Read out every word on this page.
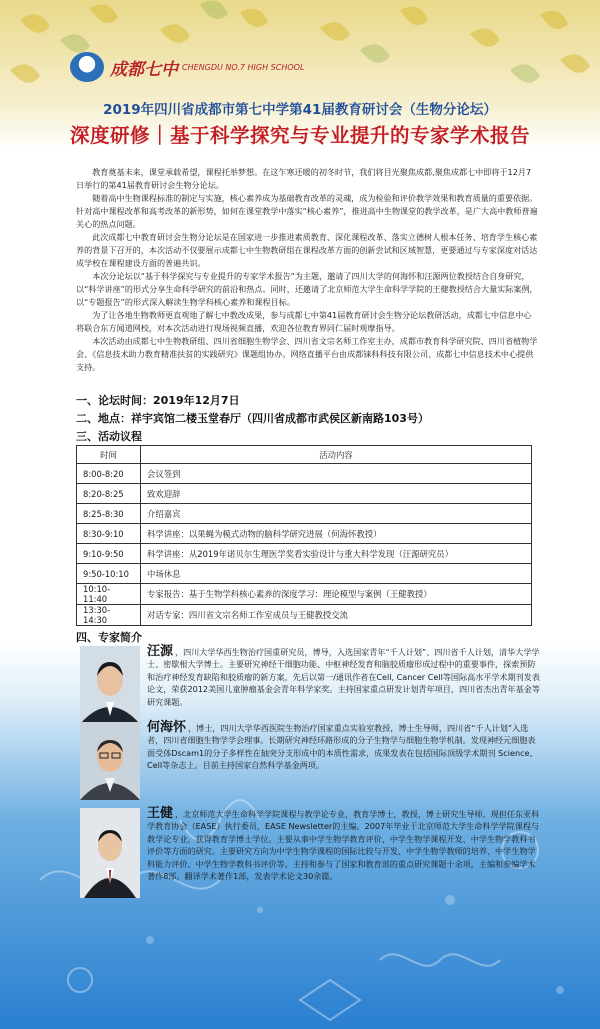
成都七中 CHENGDU NO.7 HIGH SCHOOL
2019年四川省成都市第七中学第41届教育研讨会（生物分论坛）
深度研修｜基于科学探究与专业提升的专家学术报告

教育奠基未来，课堂承载希望，课程托举梦想。在这乍寒还暖的初冬时节，我们将目光聚焦成都,聚焦成都七中即将于12月7日举行的第41届教育研讨会生物分论坛。

随着高中生物课程标准的制定与实施，核心素养成为基础教育改革的灵魂，成为检验和评价教学效果和教育质量的重要依据。针对高中课程改革和高考改革的新形势，如何在课堂教学中落实“核心素养”，推进高中生物课堂的教学改革，是广大高中教师普遍关心的热点问题。

此次成都七中教育研讨会生物分论坛是在国家进一步推进素质教育、深化课程改革、落实立德树人根本任务、培育学生核心素养的背景下召开的，本次活动不仅要展示成都七中生物教研组在课程改革方面的创新尝试和区域智慧，更要通过与专家深度对话达成学校在课程建设方面的普遍共识。

本次分论坛以“基于科学探究与专业提升的专家学术报告”为主题，邀请了四川大学的何海怀和汪源两位教授结合自身研究，以“科学讲座”的形式分享生命科学研究的前沿和热点。同时，还邀请了北京师范大学生命科学学院的王健教授结合大量实际案例，以“专题报告”的形式深入解读生物学科核心素养和课程目标。

为了让各地生物教师更直观地了解七中教改成果，参与成都七中第41届教育研讨会生物分论坛教研活动，成都七中信息中心将联合东方闻道网校，对本次活动进行现场视频直播，欢迎各位教育界同仁届时观摩指导。

本次活动由成都七中生物教研组、四川省细胞生物学会、四川省文宗名师工作室主办，成都市教育科学研究院、四川省植物学会、《信息技术助力教育精准扶贫的实践研究》课题组协办。网络直播平台由成都铼科科技有限公司、成都七中信息技术中心提供支持。

一、论坛时间：2019年12月7日
二、地点：祥宇宾馆二楼玉堂春厅（四川省成都市武侯区新南路103号）
三、活动议程
时间	活动内容
8:00-8:20	会议签到
8:20-8:25	致欢迎辞
8:25-8:30	介绍嘉宾
8:30-9:10	科学讲座：以果蝇为模式动物的脑科学研究进展（何海怀教授）
9:10-9:50	科学讲座：从2019年诺贝尔生理医学奖看实验设计与重大科学发现（汪源研究员）
9:50-10:10	中场休息
10:10-11:40	专家报告：基于生物学科核心素养的深度学习：理论模型与案例（王健教授）
13:30-14:30	对话专家：四川省文宗名师工作室成员与王健教授交流
四、专家简介
汪源 ，四川大学华西生物治疗国重研究员，博导，入选国家青年“千人计划”、四川省千人计划，清华大学学士、密歇根大学博士。主要研究神经干细胞功能、中枢神经发育和脑胶质瘤形成过程中的重要事件，探索预防和治疗神经发育缺陷和胶质瘤的新方案，先后以第一/通讯作者在Cell, Cancer Cell等国际高水平学术期刊发表论文，荣获2012美国儿童肿瘤基金会青年科学家奖。主持国家重点研发计划青年项目，四川省杰出青年基金等研究课题。
何海怀 ，博士，四川大学华西医院生物治疗国家重点实验室教授，博士生导师，四川省“千人计划”入选者，四川省细胞生物学学会理事。长期研究神经环路形成的分子生物学与细胞生物学机制。发现神经元细胞表面受体Dscam1的分子多样性在轴突分支形成中的本质性需求，成果发表在包括国际顶级学术期刊 Science、Cell等杂志上。目前主持国家自然科学基金两项。
王健 ，北京师范大学生命科学学院课程与教学论专业，教育学博士，教授，博士研究生导师，现担任东亚科学教育协会（EASE）执行委员，EASE Newsletter的主编。2007年毕业于北京师范大学生命科学学院课程与教学论专业，获得教育学博士学位。主要从事中学生物学教育评价、中学生物学课程开发、中学生物学教科书评价等方面的研究。主要研究方向为中学生物学课程的国际比较与开发、中学生物学教师的培养、中学生物学科能力评价、中学生物学教科书评价等。主持和参与了国家和教育部的重点研究课题十余项，主编和参编学术著作8部，翻译学术著作1部，发表学术论文30余篇。
